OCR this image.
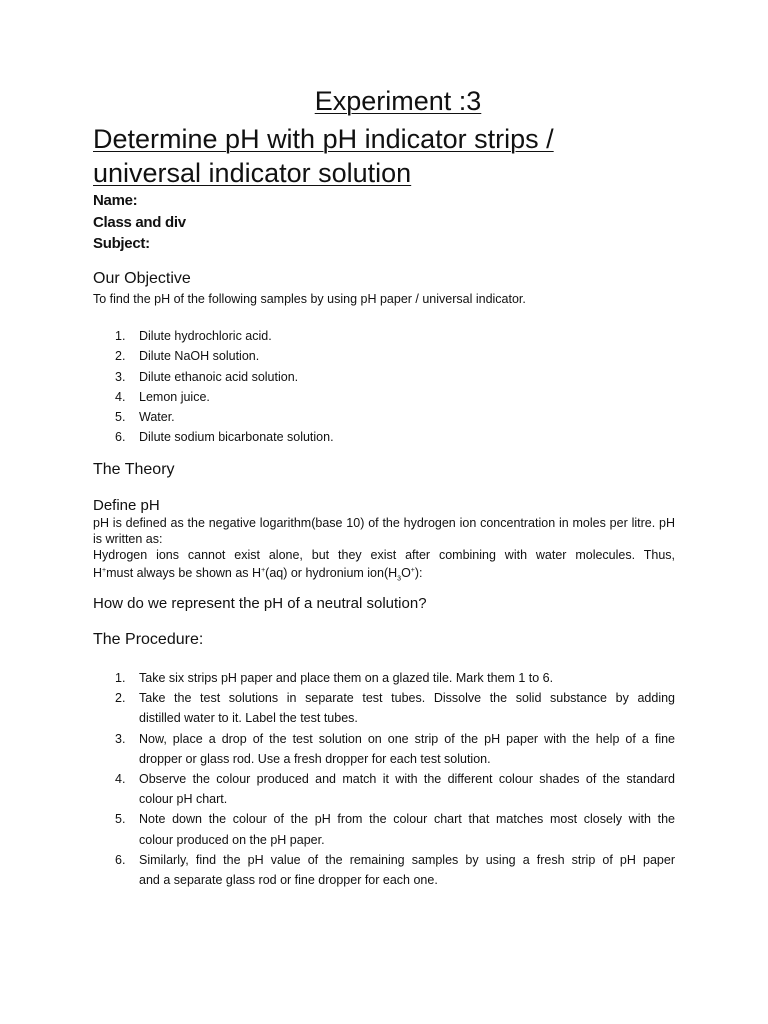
Experiment :3
Determine pH with pH indicator strips /
universal indicator solution
Name:
Class and div
Subject:
Our Objective
To find the pH of the following samples by using pH paper / universal indicator.
1. Dilute hydrochloric acid.
2. Dilute NaOH solution.
3. Dilute ethanoic acid solution.
4. Lemon juice.
5. Water.
6. Dilute sodium bicarbonate solution.
The Theory
Define pH
pH is defined as the negative logarithm(base 10) of the hydrogen ion concentration in moles per litre. pH is written as:
Hydrogen ions cannot exist alone, but they exist after combining with water molecules. Thus,
H+must always be shown as H+(aq) or hydronium $ion(H_3O^+)$:
How do we represent the pH of a neutral solution?
The Procedure:
1. Take six strips pH paper and place them on a glazed tile. Mark them 1 to 6.
2. Take the test solutions in separate test tubes. Dissolve the solid substance by adding
distilled water to it. Label the test tubes.
3. Now, place a drop of the test solution on one strip of the pH paper with the help of a fine
dropper or glass rod. Use a fresh dropper for each test solution.
4. Observe the colour produced and match it with the different colour shades of the standard
colour pH chart.
5. Note down the colour of the pH from the colour chart that matches most closely with the
colour produced on the pH paper.
6. Similarly, find the pH value of the remaining samples by using a fresh strip of pH paper
and a separate glass rod or fine dropper for each one.
